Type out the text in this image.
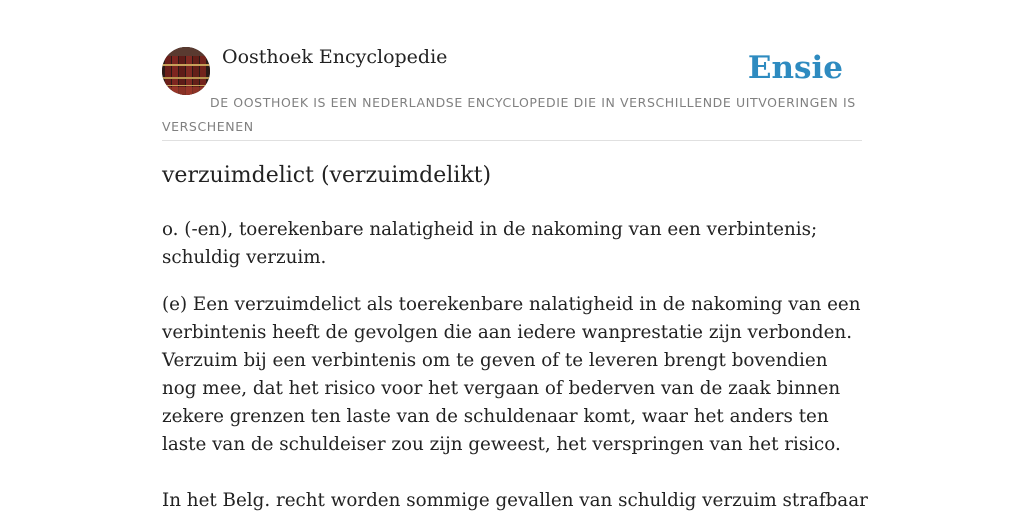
Oosthoek Encyclopedie	Ensie
DE OOSTHOEK IS EEN NEDERLANDSE ENCYCLOPEDIE DIE IN VERSCHILLENDE UITVOERINGEN IS VERSCHENEN
verzuimdelict (verzuimdelikt)

o. (-en), toerekenbare nalatigheid in de nakoming van een verbintenis; schuldig verzuim.

(e) Een verzuimdelict als toerekenbare nalatigheid in de nakoming van een verbintenis heeft de gevolgen die aan iedere wanprestatie zijn verbonden. Verzuim bij een verbintenis om te geven of te leveren brengt bovendien nog mee, dat het risico voor het vergaan of bederven van de zaak binnen zekere grenzen ten laste van de schuldenaar komt, waar het anders ten laste van de schuldeiser zou zijn geweest, het verspringen van het risico.

In het Belg. recht worden sommige gevallen van schuldig verzuim strafbaar
